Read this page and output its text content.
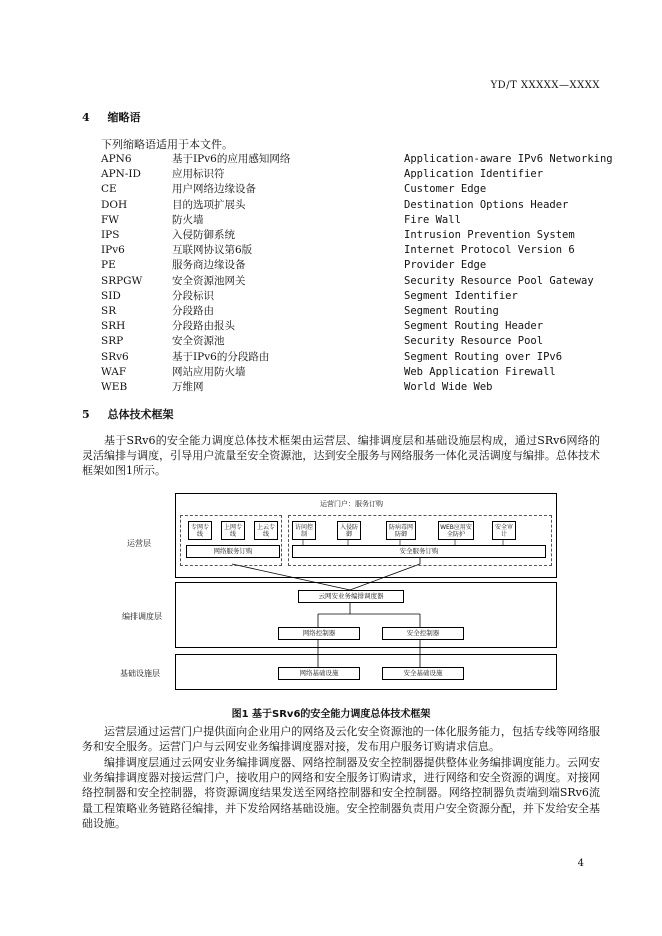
YD/T XXXXX—XXXX
4 缩略语
下列缩略语适用于本文件。
APN6	基于IPv6的应用感知网络	Application-aware IPv6 Networking
APN-ID	应用标识符	Application Identifier
CE	用户网络边缘设备	Customer Edge
DOH	目的选项扩展头	Destination Options Header
FW	防火墙	Fire Wall
IPS	入侵防御系统	Intrusion Prevention System
IPv6	互联网协议第6版	Internet Protocol Version 6
PE	服务商边缘设备	Provider Edge
SRPGW	安全资源池网关	Security Resource Pool Gateway
SID	分段标识	Segment Identifier
SR	分段路由	Segment Routing
SRH	分段路由报头	Segment Routing Header
SRP	安全资源池	Security Resource Pool
SRv6	基于IPv6的分段路由	Segment Routing over IPv6
WAF	网站应用防火墙	Web Application Firewall
WEB	万维网	World Wide Web
5 总体技术框架
基于SRv6的安全能力调度总体技术框架由运营层、编排调度层和基础设施层构成，通过SRv6网络的灵活编排与调度，引导用户流量至安全资源池，达到安全服务与网络服务一体化灵活调度与编排。总体技术框架如图1所示。
运营层
编排调度层
基础设施层
运营门户：服务订购
专网专线
上网专线
上云专线
网络服务订购
访问控制
入侵防御
防病毒网防御
WEB应用安全防护
安全审计
安全服务订购
云网安业务编排调度器
网络控制器	安全控制器
网络基础设施	安全基础设施
图1 基于SRv6的安全能力调度总体技术框架
运营层通过运营门户提供面向企业用户的网络及云化安全资源池的一体化服务能力，包括专线等网络服务和安全服务。运营门户与云网安业务编排调度器对接，发布用户服务订购请求信息。
编排调度层通过云网安业务编排调度器、网络控制器及安全控制器提供整体业务编排调度能力。云网安业务编排调度器对接运营门户，接收用户的网络和安全服务订购请求，进行网络和安全资源的调度。对接网络控制器和安全控制器，将资源调度结果发送至网络控制器和安全控制器。网络控制器负责端到端SRv6流量工程策略业务链路径编排，并下发给网络基础设施。安全控制器负责用户安全资源分配，并下发给安全基础设施。
4
